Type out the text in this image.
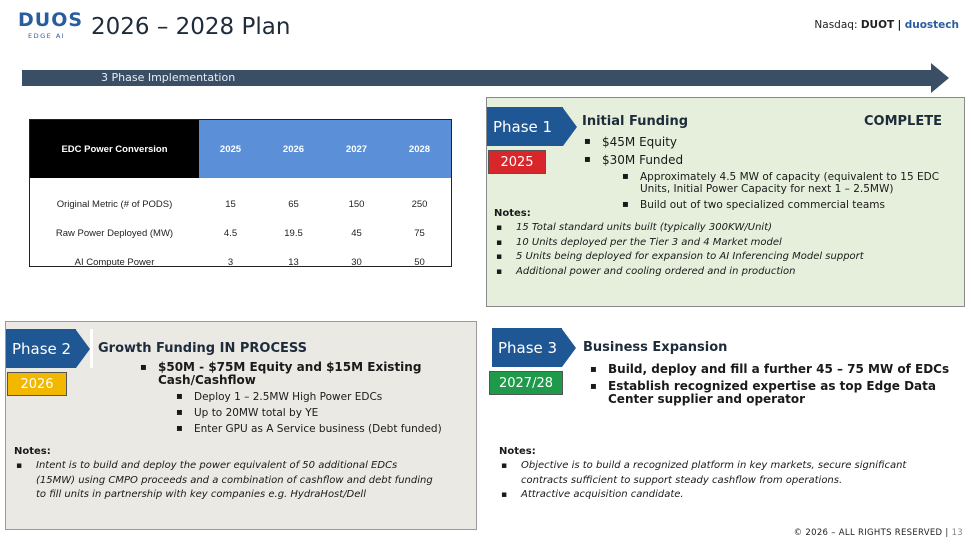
DUOS
EDGE AI	2026 – 2028 Plan	Nasdaq: DUOT | duostech
3 Phase Implementation
EDC Power Conversion	2025	2026	2027	2028
Original Metric (# of PODS)	15	65	150	250
Raw Power Deployed (MW)	4.5	19.5	45	75
AI Compute Power	3	13	30	50
Phase 1
2025
Initial Funding	COMPLETE
▪ $45M Equity
▪ $30M Funded
▪ Approximately 4.5 MW of capacity (equivalent to 15 EDC Units, Initial Power Capacity for next 1 – 2.5MW)
▪ Build out of two specialized commercial teams
Notes:
▪ 15 Total standard units built (typically 300KW/Unit)
▪ 10 Units deployed per the Tier 3 and 4 Market model
▪ 5 Units being deployed for expansion to AI Inferencing Model support
▪ Additional power and cooling ordered and in production
Phase 2
2026
Growth Funding IN PROCESS
▪ $50M - $75M Equity and $15M Existing Cash/Cashflow
▪ Deploy 1 – 2.5MW High Power EDCs
▪ Up to 20MW total by YE
▪ Enter GPU as A Service business (Debt funded)
Notes:
▪ Intent is to build and deploy the power equivalent of 50 additional EDCs (15MW) using CMPO proceeds and a combination of cashflow and debt funding to fill units in partnership with key companies e.g. HydraHost/Dell
Phase 3
2027/28
Business Expansion
▪ Build, deploy and fill a further 45 – 75 MW of EDCs
▪ Establish recognized expertise as top Edge Data Center supplier and operator
Notes:
▪ Objective is to build a recognized platform in key markets, secure significant contracts sufficient to support steady cashflow from operations.
▪ Attractive acquisition candidate.
© 2026 – ALL RIGHTS RESERVED | 13
